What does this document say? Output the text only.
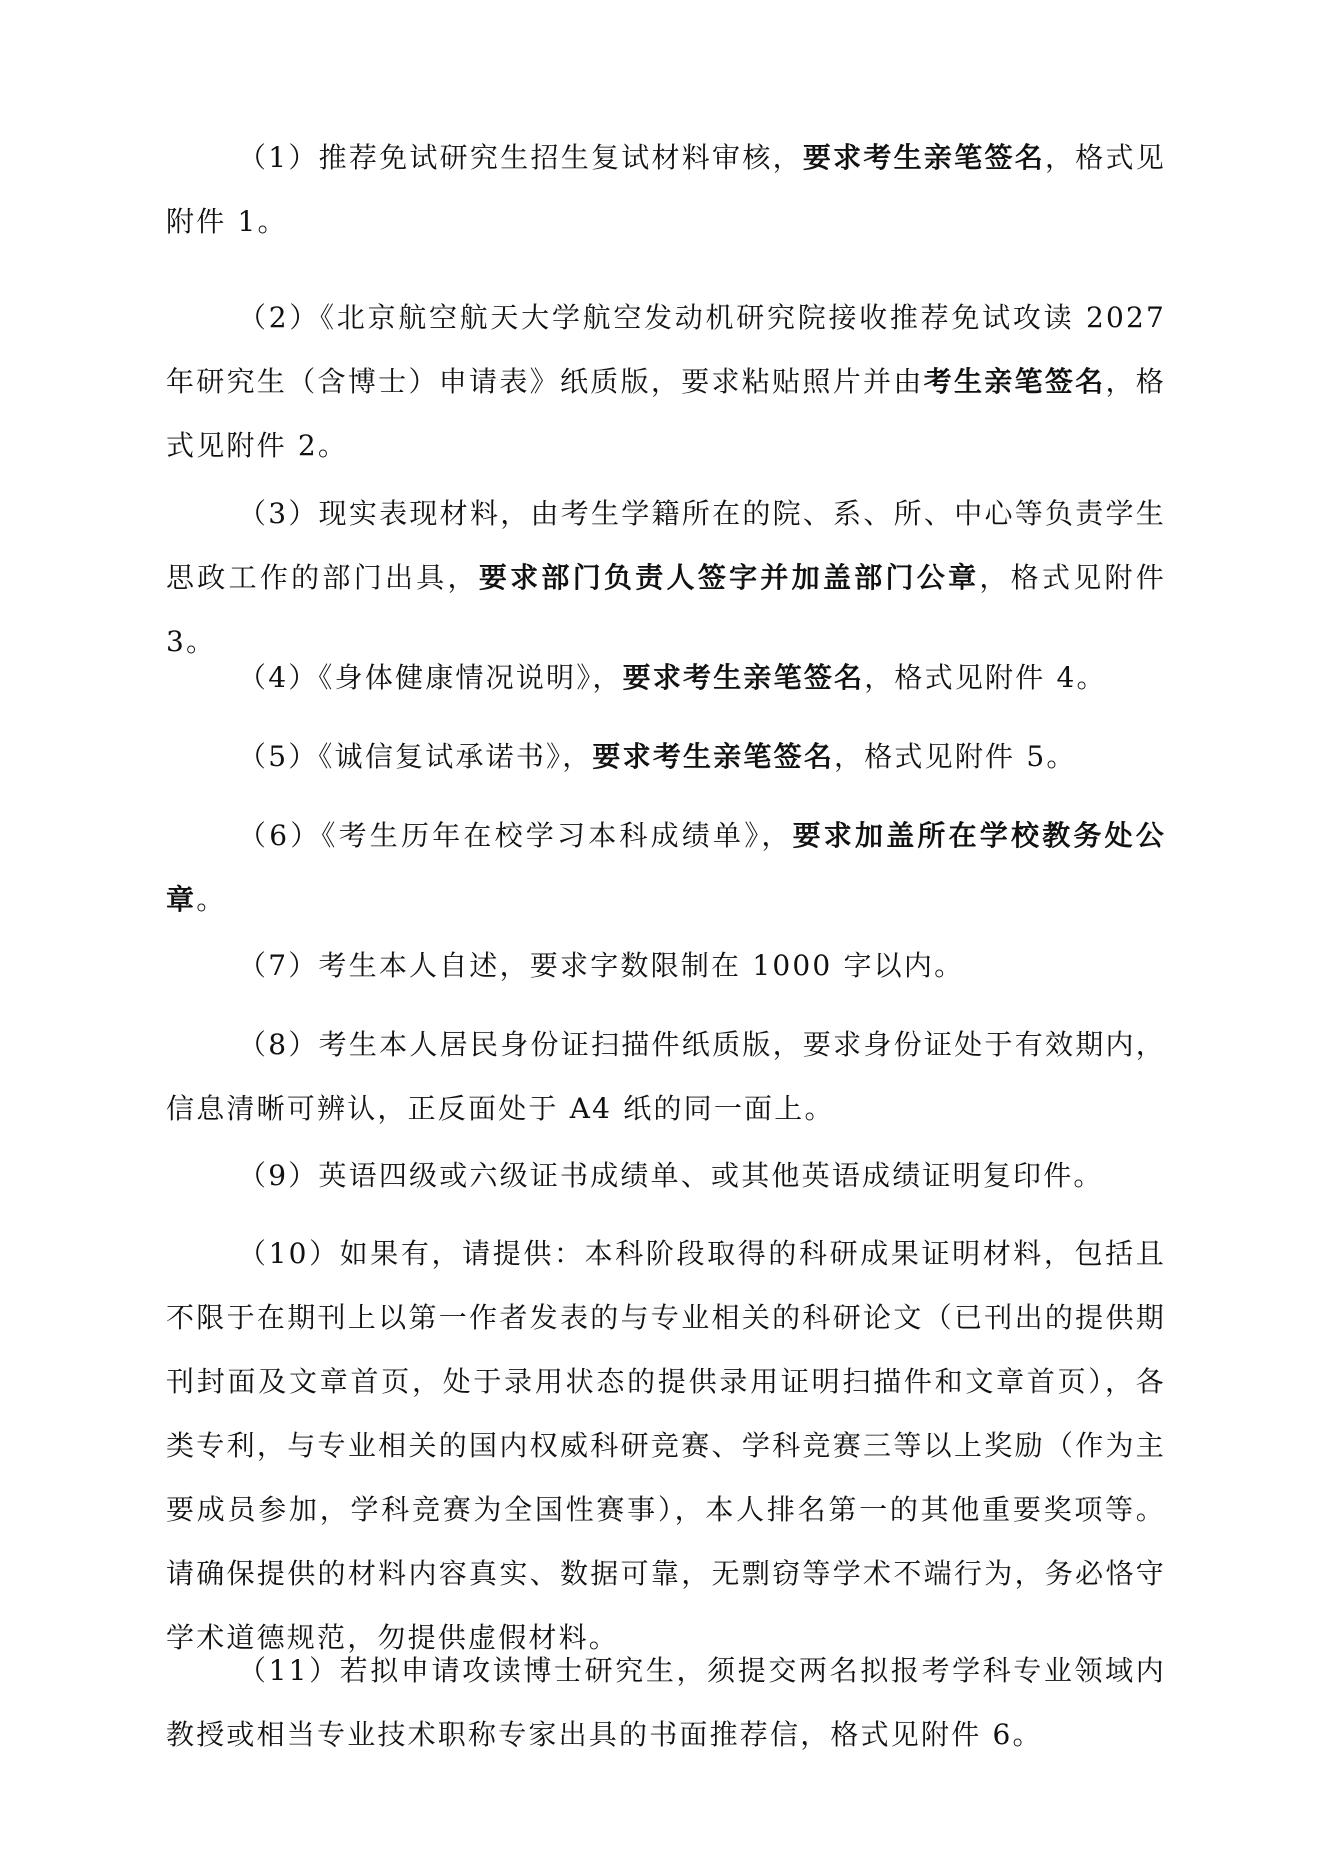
（1）推荐免试研究生招生复试材料审核，要求考生亲笔签名，格式见附件 1。

（2）《北京航空航天大学航空发动机研究院接收推荐免试攻读 2027 年研究生（含博士）申请表》纸质版，要求粘贴照片并由考生亲笔签名，格式见附件 2。

（3）现实表现材料，由考生学籍所在的院、系、所、中心等负责学生思政工作的部门出具，要求部门负责人签字并加盖部门公章，格式见附件 3。

（4）《身体健康情况说明》，要求考生亲笔签名，格式见附件 4。

（5）《诚信复试承诺书》，要求考生亲笔签名，格式见附件 5。

（6）《考生历年在校学习本科成绩单》，要求加盖所在学校教务处公章。

（7）考生本人自述，要求字数限制在 1000 字以内。

（8）考生本人居民身份证扫描件纸质版，要求身份证处于有效期内，信息清晰可辨认，正反面处于 A4 纸的同一面上。

（9）英语四级或六级证书成绩单、或其他英语成绩证明复印件。

（10）如果有，请提供：本科阶段取得的科研成果证明材料，包括且不限于在期刊上以第一作者发表的与专业相关的科研论文（已刊出的提供期刊封面及文章首页，处于录用状态的提供录用证明扫描件和文章首页），各类专利，与专业相关的国内权威科研竞赛、学科竞赛三等以上奖励（作为主要成员参加，学科竞赛为全国性赛事），本人排名第一的其他重要奖项等。请确保提供的材料内容真实、数据可靠，无剽窃等学术不端行为，务必恪守学术道德规范，勿提供虚假材料。

（11）若拟申请攻读博士研究生，须提交两名拟报考学科专业领域内教授或相当专业技术职称专家出具的书面推荐信，格式见附件 6。
